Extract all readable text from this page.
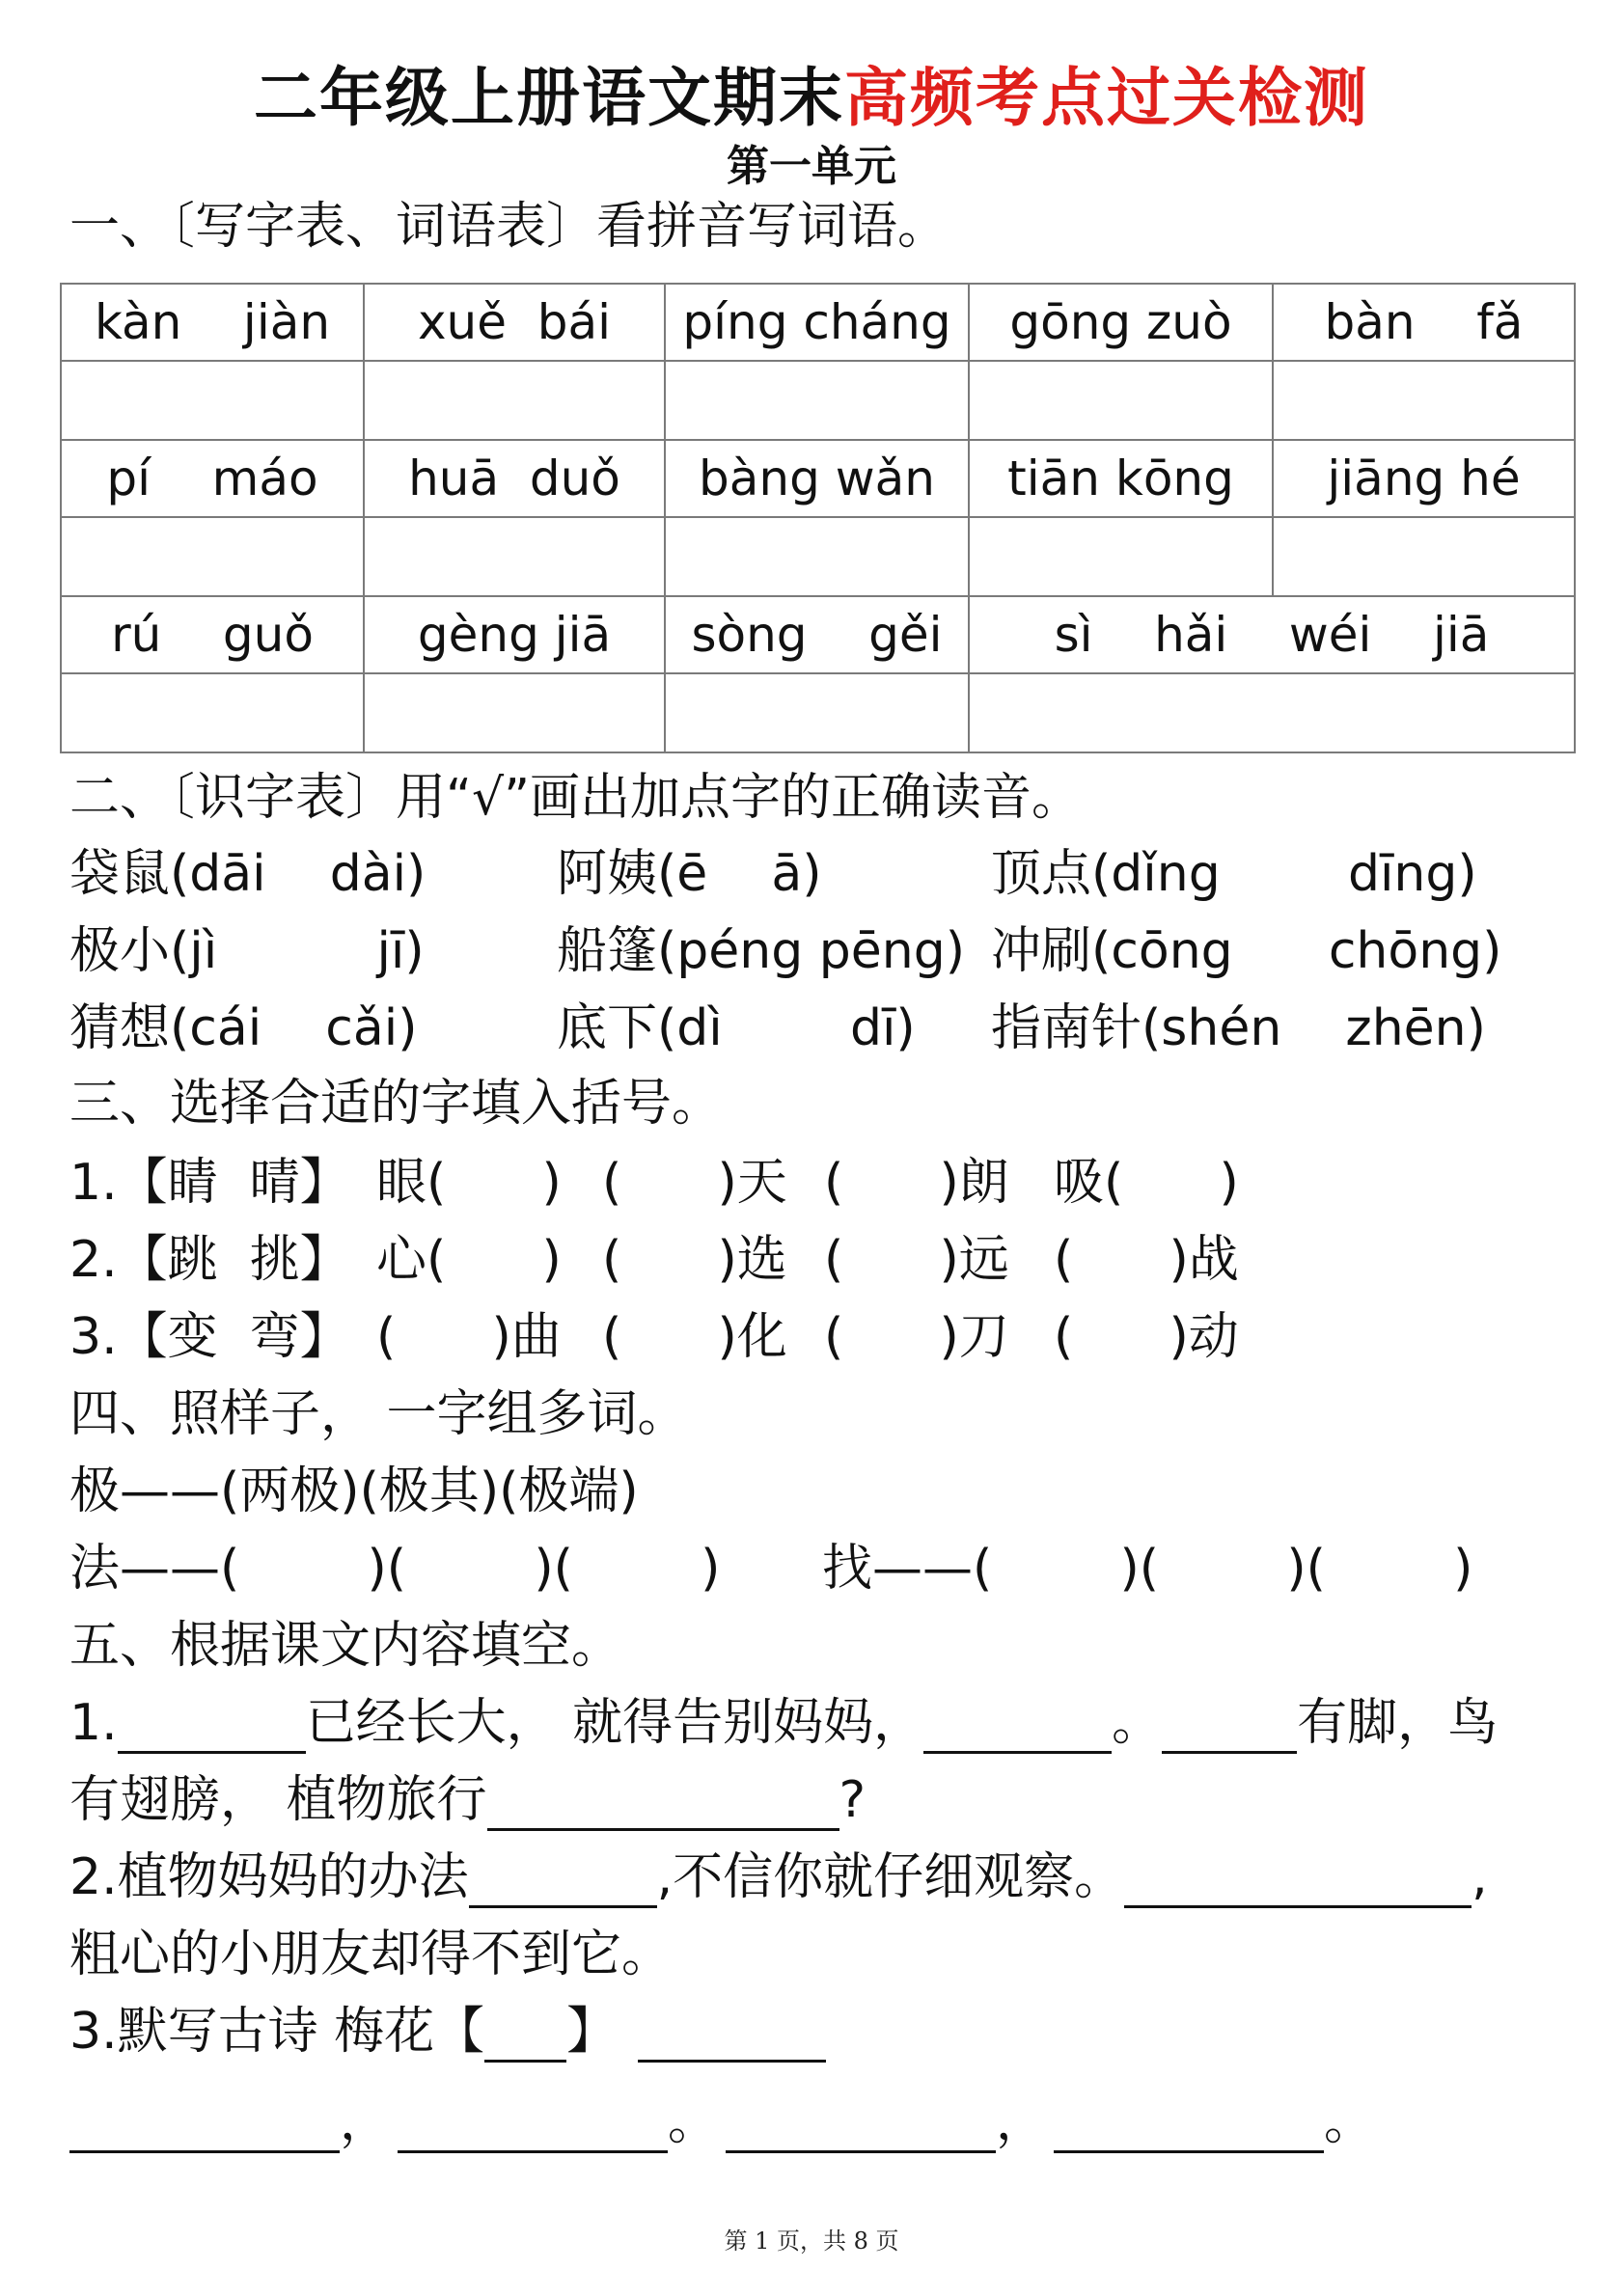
二年级上册语文期末高频考点过关检测
第一单元
一、〔写字表、词语表〕看拼音写词语。
kàn    jiàn	xuě  bái	píng cháng	gōng zuò	bàn    fǎ

pí    máo	huā  duǒ	bàng wǎn	tiān kōng	jiāng hé

rú    guǒ	gèng jiā	sòng    gěi	sì    hǎi    wéi    jiā	

二、〔识字表〕用“√”画出加点字的正确读音。
袋鼠(dāi    dài)	阿姨(ē    ā)	顶点(dǐng        dīng)
极小(jì          jī)	船篷(péng pēng) 冲刷(cōng      chōng)
猜想(cái    cǎi)	底下(dì        dī) 指南针(shén    zhēn)
三、选择合适的字填入括号。
1.【睛  晴】 眼(      ) (      )天 (      )朗 吸(      )
2.【跳  挑】 心(      ) (      )选 (      )远 (      )战
3.【变  弯】 (      )曲 (      )化 (      )刀 (      )动
四、照样子， 一字组多词。
极——(两极)(极其)(极端)
法——(        )(        )(        ) 找——(        )(        )(        )
五、根据课文内容填空。
1.	已经长大， 就得告别妈妈，	。	有脚，鸟
有翅膀， 植物旅行	?
2.植物妈妈的办法	,不信你就仔细观察。	,
粗心的小朋友却得不到它。
3.默写古诗 梅花【 】
，	。	，	。
第 1 页，共 8 页
